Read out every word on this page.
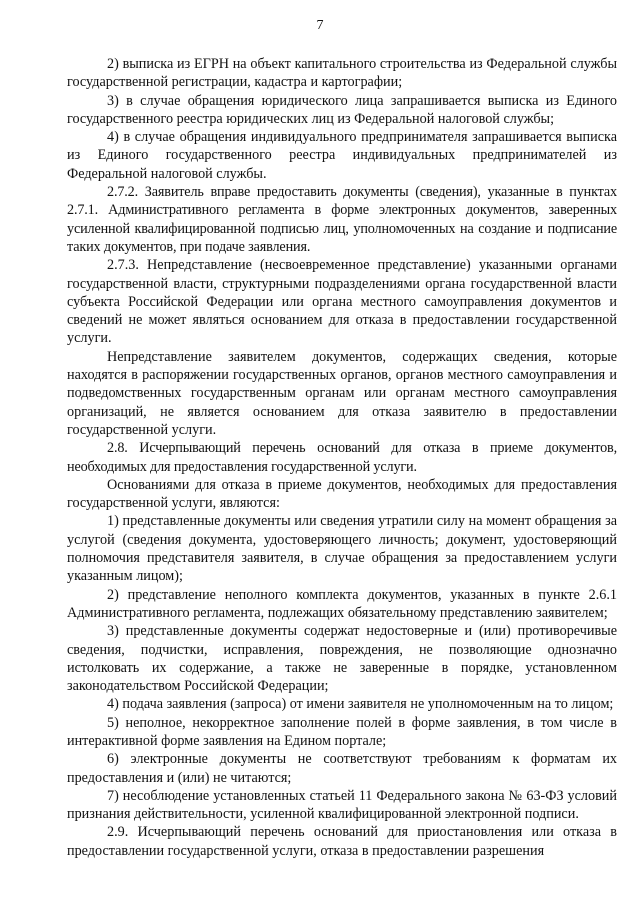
7

2) выписка из ЕГРН на объект капитального строительства из Федеральной службы государственной регистрации, кадастра и картографии;

3) в случае обращения юридического лица запрашивается выписка из Единого государственного реестра юридических лиц из Федеральной налоговой службы;

4) в случае обращения индивидуального предпринимателя запрашивается выписка из Единого государственного реестра индивидуальных предпринимателей из Федеральной налоговой службы.

2.7.2. Заявитель вправе предоставить документы (сведения), указанные в пунктах 2.7.1. Административного регламента в форме электронных документов, заверенных усиленной квалифицированной подписью лиц, уполномоченных на создание и подписание таких документов, при подаче заявления.

2.7.3. Непредставление (несвоевременное представление) указанными органами государственной власти, структурными подразделениями органа государственной власти субъекта Российской Федерации или органа местного самоуправления документов и сведений не может являться основанием для отказа в предоставлении государственной услуги.

Непредставление заявителем документов, содержащих сведения, которые находятся в распоряжении государственных органов, органов местного самоуправления и подведомственных государственным органам или органам местного самоуправления организаций, не является основанием для отказа заявителю в предоставлении государственной услуги.

2.8. Исчерпывающий перечень оснований для отказа в приеме документов, необходимых для предоставления государственной услуги.

Основаниями для отказа в приеме документов, необходимых для предоставления государственной услуги, являются:

1) представленные документы или сведения утратили силу на момент обращения за услугой (сведения документа, удостоверяющего личность; документ, удостоверяющий полномочия представителя заявителя, в случае обращения за предоставлением услуги указанным лицом);

2) представление неполного комплекта документов, указанных в пункте 2.6.1 Административного регламента, подлежащих обязательному представлению заявителем;

3) представленные документы содержат недостоверные и (или) противоречивые сведения, подчистки, исправления, повреждения, не позволяющие однозначно истолковать их содержание, а также не заверенные в порядке, установленном законодательством Российской Федерации;

4) подача заявления (запроса) от имени заявителя не уполномоченным на то лицом;

5) неполное, некорректное заполнение полей в форме заявления, в том числе в интерактивной форме заявления на Едином портале;

6) электронные документы не соответствуют требованиям к форматам их предоставления и (или) не читаются;

7) несоблюдение установленных статьей 11 Федерального закона № 63-ФЗ условий признания действительности, усиленной квалифицированной электронной подписи.

2.9. Исчерпывающий перечень оснований для приостановления или отказа в предоставлении государственной услуги, отказа в предоставлении разрешения
